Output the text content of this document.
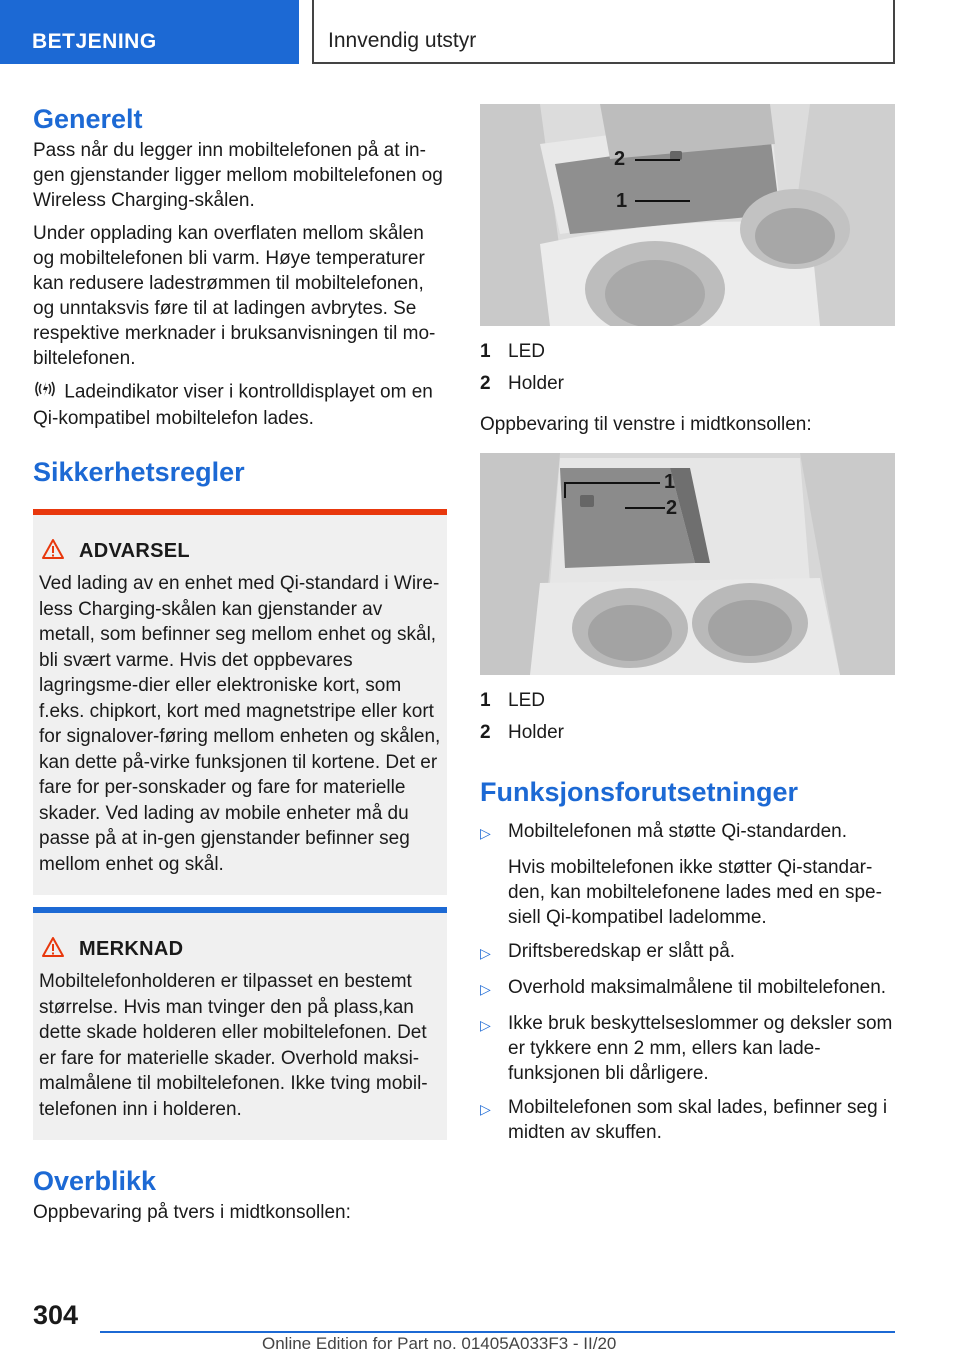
BETJENING	Innvendig utstyr
Generelt

Pass når du legger inn mobiltelefonen på at in-gen gjenstander ligger mellom mobiltelefonen og Wireless Charging-skålen.

Under opplading kan overflaten mellom skålen og mobiltelefonen bli varm. Høye temperaturer kan redusere ladestrømmen til mobiltelefonen, og unntaksvis føre til at ladingen avbrytes. Se respektive merknader i bruksanvisningen til mo-biltelefonen.

Ladeindikator viser i kontrolldisplayet om en Qi-kompatibel mobiltelefon lades.

Sikkerhetsregler
ADVARSEL
Ved lading av en enhet med Qi-standard i Wire-less Charging-skålen kan gjenstander av metall, som befinner seg mellom enhet og skål, bli svært varme. Hvis det oppbevares lagringsme-dier eller elektroniske kort, som f.eks. chipkort, kort med magnetstripe eller kort for signalover-føring mellom enheten og skålen, kan dette på-virke funksjonen til kortene. Det er fare for per-sonskader og fare for materielle skader. Ved lading av mobile enheter må du passe på at in-gen gjenstander befinner seg mellom enhet og skål.
MERKNAD
Mobiltelefonholderen er tilpasset en bestemt størrelse. Hvis man tvinger den på plass,kan dette skade holderen eller mobiltelefonen. Det er fare for materielle skader. Overhold maksi-malmålene til mobiltelefonen. Ikke tving mobil-telefonen inn i holderen.
Overblikk

Oppbevaring på tvers i midtkonsollen:

2
1
1 LED
2 Holder

Oppbevaring til venstre i midtkonsollen:

1
2
1 LED
2 Holder
Funksjonsforutsetninger
▷ Mobiltelefonen må støtte Qi-standarden.
Hvis mobiltelefonen ikke støtter Qi-standar-den, kan mobiltelefonene lades med en spe-siell Qi-kompatibel ladelomme.
▷ Driftsberedskap er slått på.
▷ Overhold maksimalmålene til mobiltelefonen.
▷ Ikke bruk beskyttelseslommer og deksler som er tykkere enn 2 mm, ellers kan lade-funksjonen bli dårligere.
▷ Mobiltelefonen som skal lades, befinner seg i midten av skuffen.
304
Online Edition for Part no. 01405A033F3 - II/20
